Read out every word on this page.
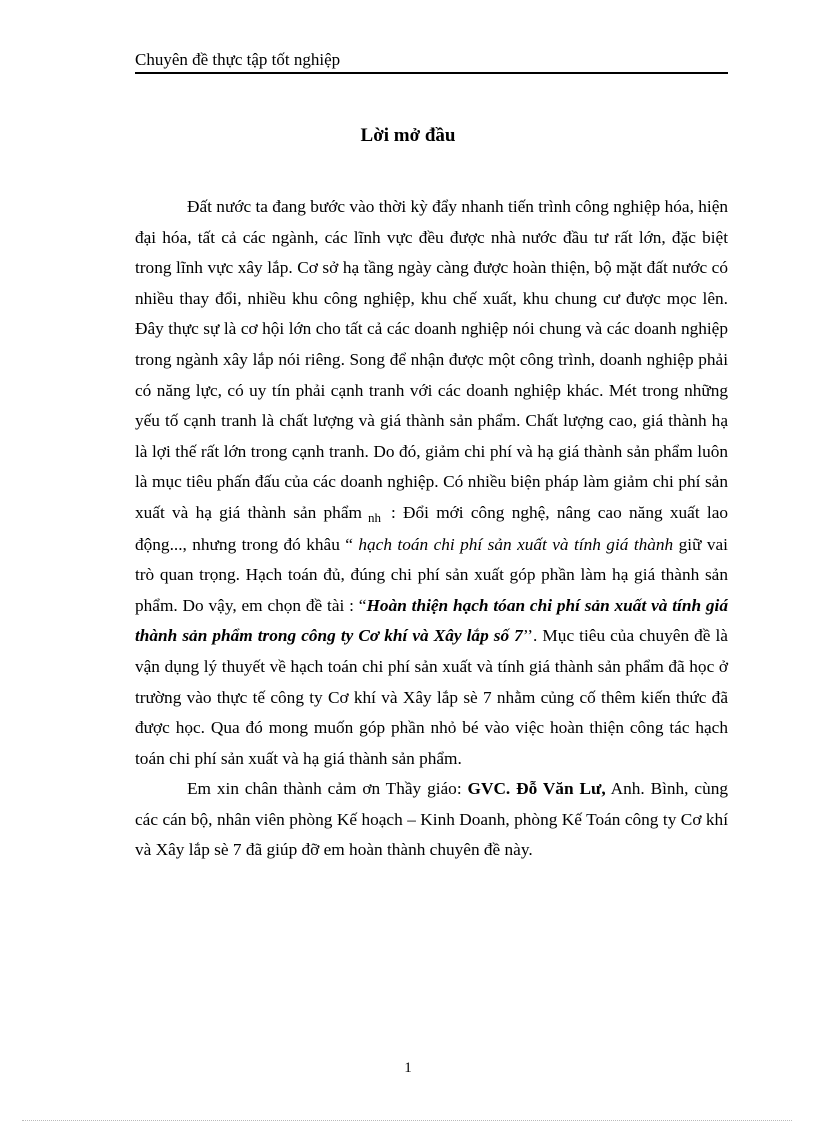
Chuyên đề thực tập tốt nghiệp
Lời mở đầu

Đất nước ta đang bước vào thời kỳ đẩy nhanh tiến trình công nghiệp hóa, hiện đại hóa, tất cả các ngành, các lĩnh vực đều được nhà nước đầu tư rất lớn, đặc biệt trong lĩnh vực xây lắp. Cơ sở hạ tầng ngày càng được hoàn thiện, bộ mặt đất nước có nhiều thay đổi, nhiều khu công nghiệp, khu chế xuất, khu chung cư được mọc lên. Đây thực sự là cơ hội lớn cho tất cả các doanh nghiệp nói chung và các doanh nghiệp trong ngành xây lắp nói riêng. Song để nhận được một công trình, doanh nghiệp phải có năng lực, có uy tín phải cạnh tranh với các doanh nghiệp khác. Mét trong những yếu tố cạnh tranh là chất lượng và giá thành sản phẩm. Chất lượng cao, giá thành hạ là lợi thế rất lớn trong cạnh tranh. Do đó, giảm chi phí và hạ giá thành sản phẩm luôn là mục tiêu phấn đấu của các doanh nghiệp. Có nhiều biện pháp làm giảm chi phí sản xuất và hạ giá thành sản phẩm $_{nh}$ : Đổi mới công nghệ, nâng cao năng xuất lao động..., nhưng trong đó khâu “ hạch toán chi phí sản xuất và tính giá thành giữ vai trò quan trọng. Hạch toán đủ, đúng chi phí sản xuất góp phần làm hạ giá thành sản phẩm. Do vậy, em chọn đề tài : “Hoàn thiện hạch tóan chi phí sản xuất và tính giá thành sản phẩm trong công ty Cơ khí và Xây lắp số 7’’. Mục tiêu của chuyên đề là vận dụng lý thuyết về hạch toán chi phí sản xuất và tính giá thành sản phẩm đã học ở trường vào thực tế công ty Cơ khí và Xây lắp sè 7 nhằm củng cố thêm kiến thức đã được học. Qua đó mong muốn góp phần nhỏ bé vào việc hoàn thiện công tác hạch toán chi phí sản xuất và hạ giá thành sản phẩm.

Em xin chân thành cảm ơn Thầy giáo: GVC. Đỗ Văn Lư, Anh. Bình, cùng các cán bộ, nhân viên phòng Kế hoạch – Kinh Doanh, phòng Kế Toán công ty Cơ khí và Xây lắp sè 7 đã giúp đỡ em hoàn thành chuyên đề này.

1
